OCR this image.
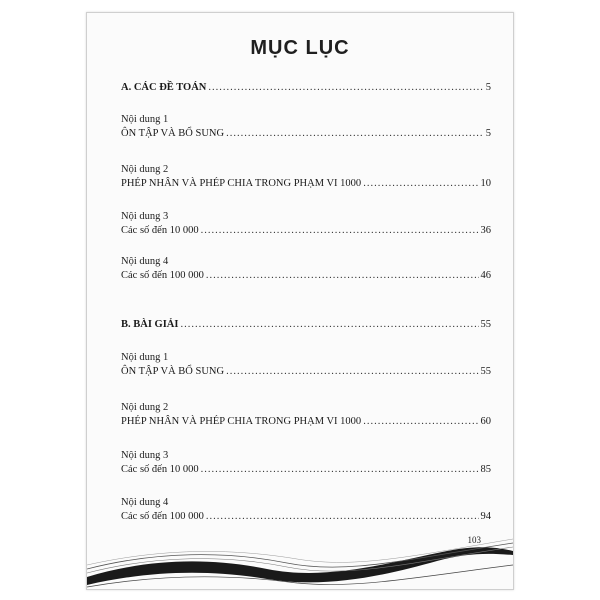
MỤC LỤC
A. CÁC ĐỀ TOÁN .....	5
Nội dung 1
ÔN TẬP VÀ BỔ SUNG .....	5
Nội dung 2
PHÉP NHÂN VÀ PHÉP CHIA TRONG PHẠM VI 1000 .....	10
Nội dung 3
Các số đến 10 000 .....	36
Nội dung 4
Các số đến 100 000 .....	46
B. BÀI GIẢI .....	55
Nội dung 1
ÔN TẬP VÀ BỔ SUNG .....	55
Nội dung 2
PHÉP NHÂN VÀ PHÉP CHIA TRONG PHẠM VI 1000 .....	60
Nội dung 3
Các số đến 10 000 .....	85
Nội dung 4
Các số đến 100 000 .....	94
103
